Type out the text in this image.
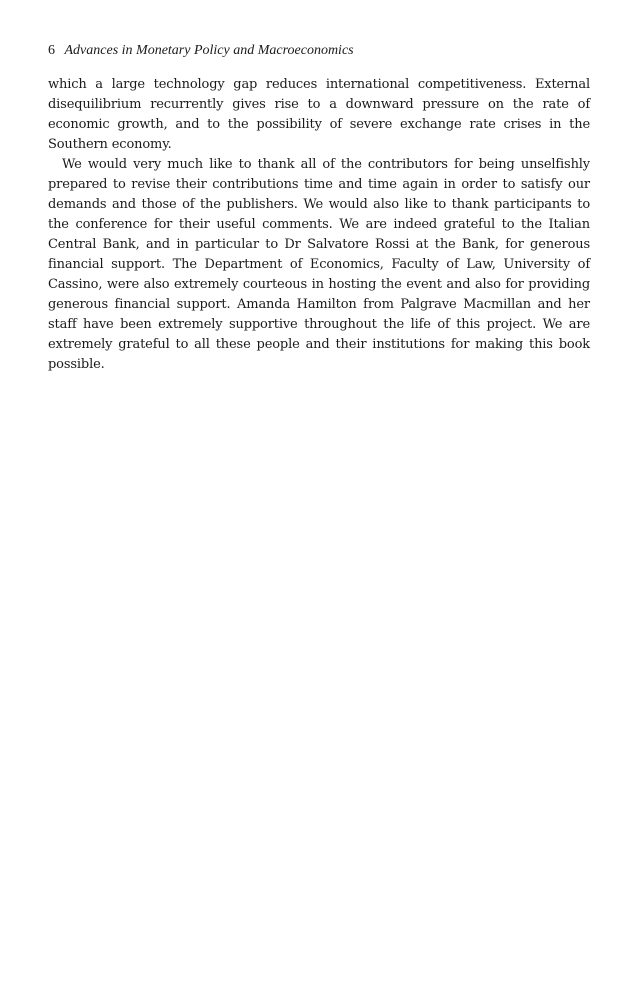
6 Advances in Monetary Policy and Macroeconomics

which a large technology gap reduces international competitiveness. External disequilibrium recurrently gives rise to a downward pressure on the rate of economic growth, and to the possibility of severe exchange rate crises in the Southern economy.

We would very much like to thank all of the contributors for being unselfishly prepared to revise their contributions time and time again in order to satisfy our demands and those of the publishers. We would also like to thank participants to the conference for their useful comments. We are indeed grateful to the Italian Central Bank, and in particular to Dr Salvatore Rossi at the Bank, for generous financial support. The Department of Economics, Faculty of Law, University of Cassino, were also extremely courteous in hosting the event and also for providing generous financial support. Amanda Hamilton from Palgrave Macmillan and her staff have been extremely supportive throughout the life of this project. We are extremely grateful to all these people and their institutions for making this book possible.
